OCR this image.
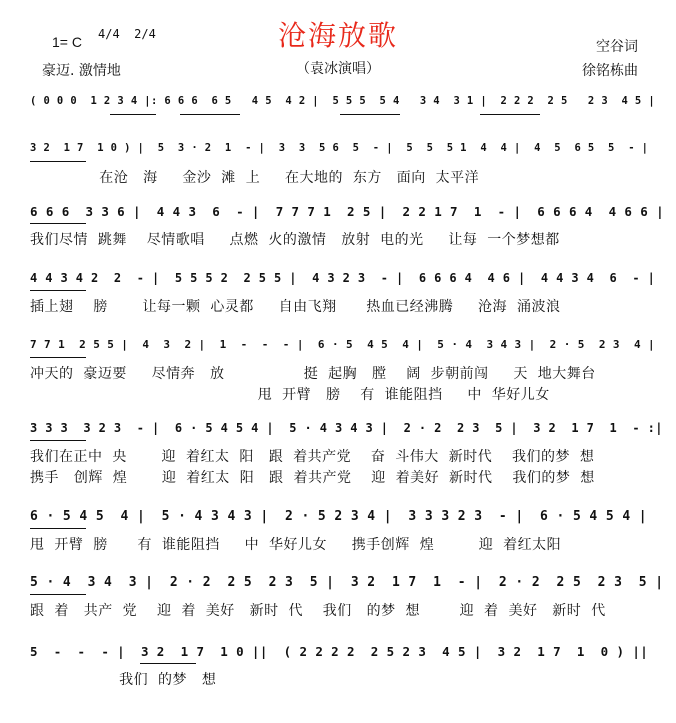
沧海放歌
（袁冰演唱）
1= C 4/4  2/4
豪迈. 激情地
空谷词
徐铭栋曲
( 0 0 0  1 2 3 4 |: 6 6 6  6 5   4 5  4 2 |  5 5 5  5 4   3 4  3 1 |  2 2 2  2 5   2 3  4 5 |
3 2  1 7  1 0 ) |  5  3 · 2  1  - |  3  3  5 6  5  - |  5  5  5 1  4  4 |  4  5  6 5  5  - |
在沧   海     金沙  滩  上     在大地的  东方   面向  太平洋
6 6 6  3 3 6 |  4 4 3  6  - |  7 7 7 1  2 5 |  2 2 1 7  1  - |  6 6 6 4  4 6 6 |
我们尽情  跳舞    尽情歌唱     点燃  火的激情   放射  电的光     让每  一个梦想都
4 4 3 4 2  2  - |  5 5 5 2  2 5 5 |  4 3 2 3  - |  6 6 6 4  4 6 |  4 4 3 4  6  - |
插上翅    膀       让每一颗  心灵都     自由飞翔      热血已经沸腾     沧海  涌波浪
7 7 1  2 5 5 |  4  3  2 |  1  -  -  - |  6 · 5  4 5  4 |  5 · 4  3 4 3 |  2 · 5  2 3  4 |
冲天的  豪迈要     尽情奔   放                挺  起胸   膛    阔  步朝前闯     天  地大舞台
甩  开臂   膀    有  谁能阻挡     中  华好儿女
3 3 3  3 2 3  - |  6 · 5 4 5 4 |  5 · 4 3 4 3 |  2 · 2  2 3  5 |  3 2  1 7  1  - :|
我们在正中  央       迎  着红太  阳   跟  着共产党    奋  斗伟大  新时代    我们的梦  想
携手   创辉  煌       迎  着红太  阳   跟  着共产党    迎  着美好  新时代    我们的梦  想
6 · 5 4 5  4 |  5 · 4 3 4 3 |  2 · 5 2 3 4 |  3 3 3 2 3  - |  6 · 5 4 5 4 |
甩  开臂  膀      有  谁能阻挡     中  华好儿女     携手创辉  煌         迎  着红太阳
5 · 4  3 4  3 |  2 · 2  2 5  2 3  5 |  3 2  1 7  1  - |  2 · 2  2 5  2 3  5 |
跟  着   共产  党    迎  着  美好   新时  代    我们   的梦  想        迎  着  美好   新时  代
5  -  -  - |  3 2  1 7  1 0 ||  ( 2 2 2 2  2 5 2 3  4 5 |  3 2  1 7  1  0 ) ||
我们  的梦   想
